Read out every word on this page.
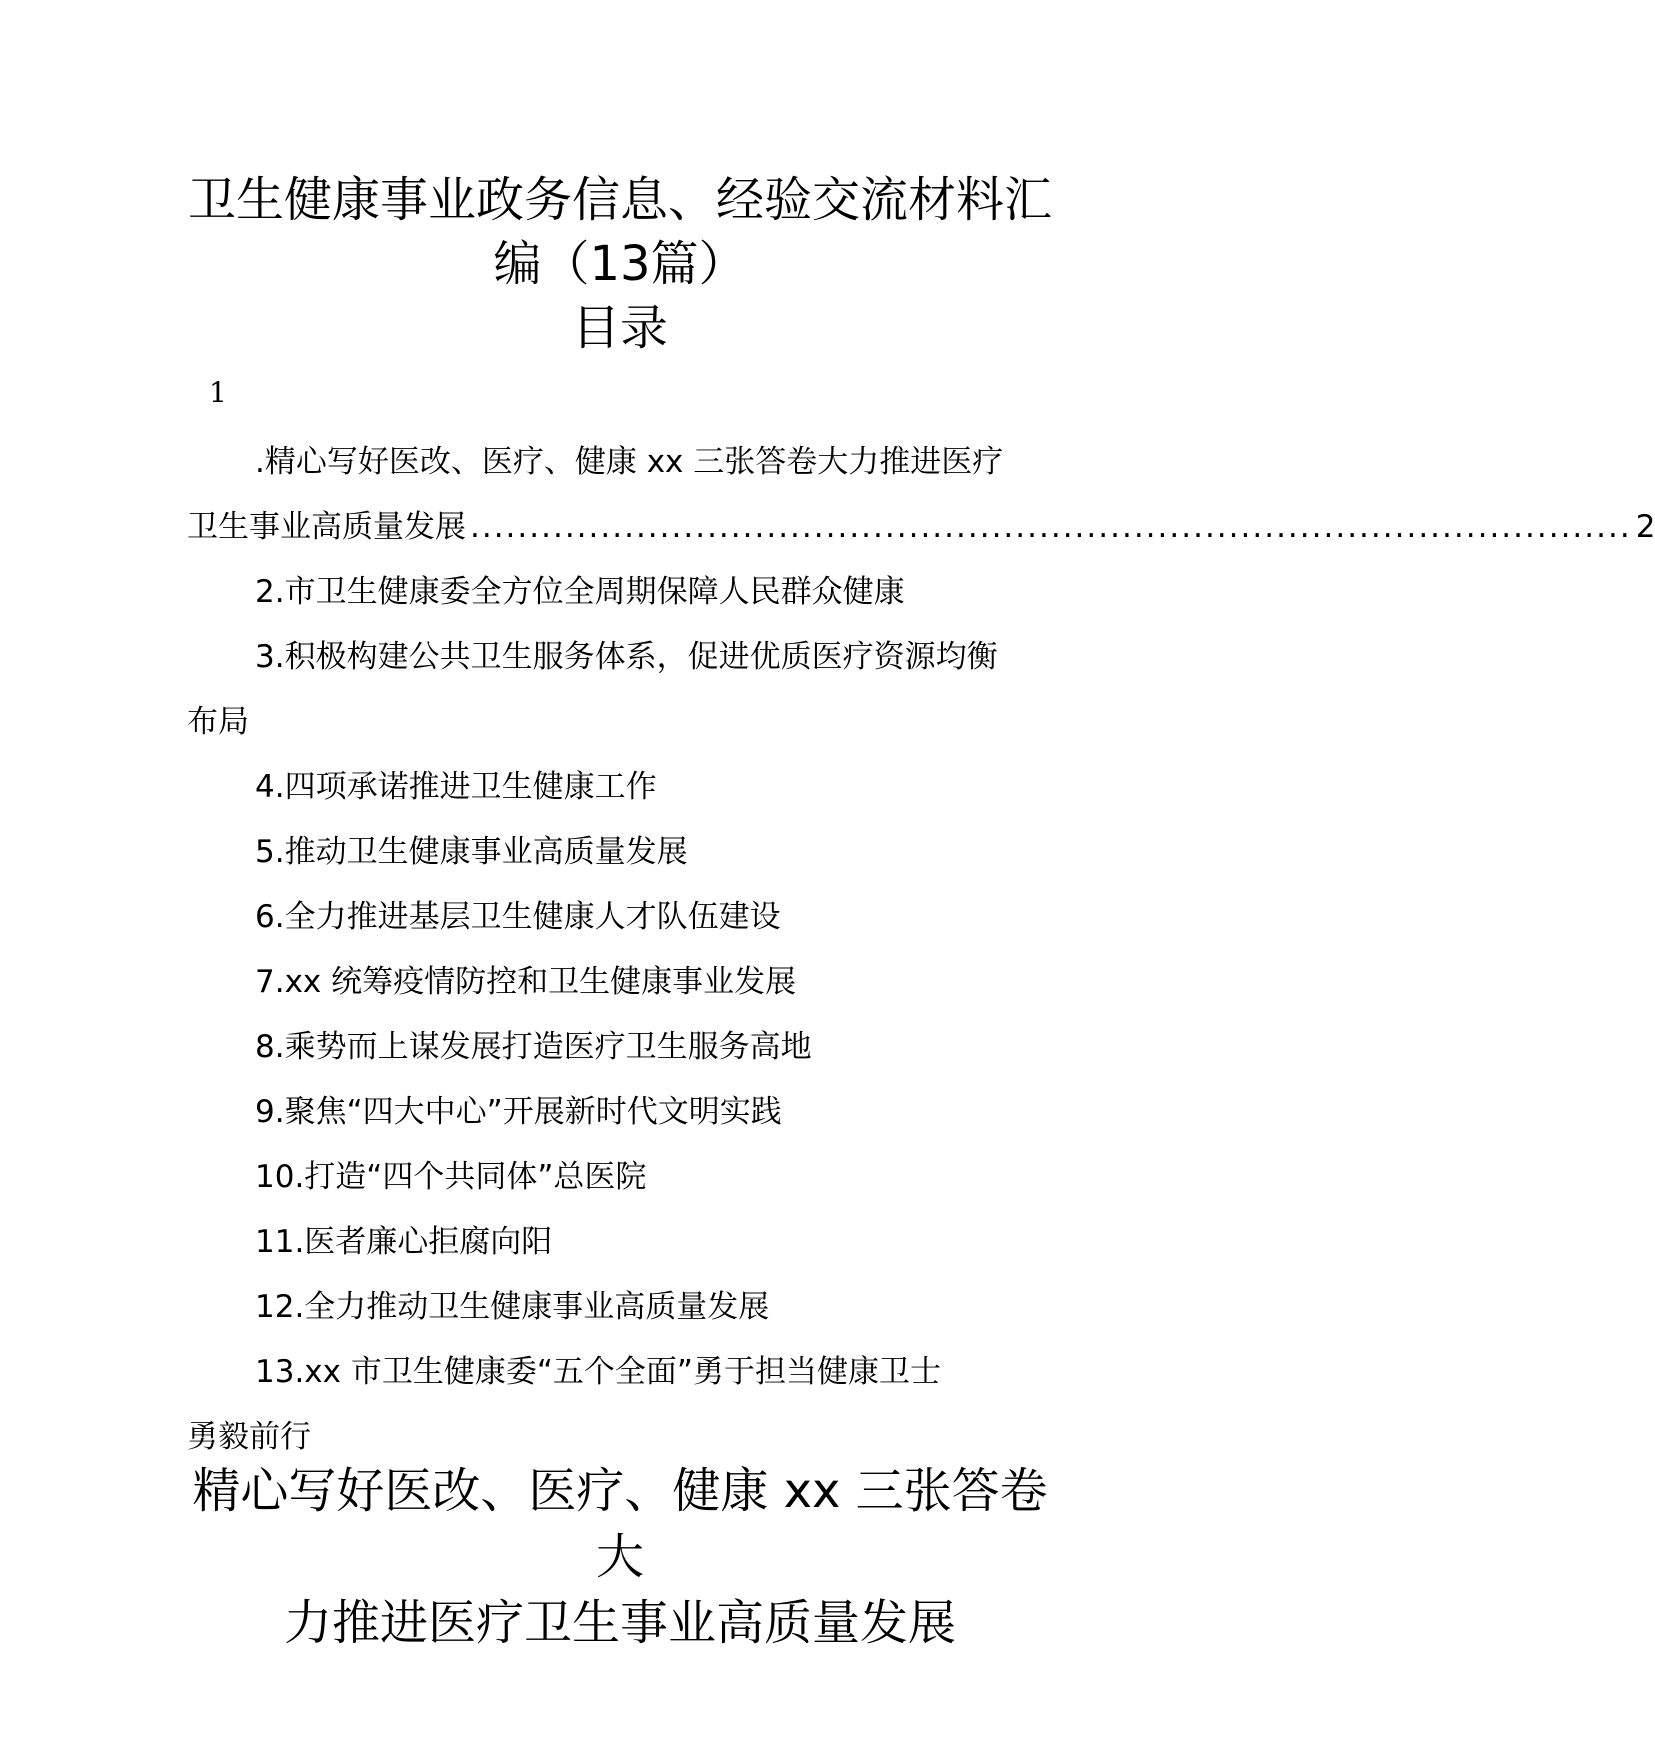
卫生健康事业政务信息、经验交流材料汇
编（13篇）
目录
1
.精心写好医改、医疗、健康 xx 三张答卷大力推进医疗
卫生事业高质量发展 .................................................................................................. 2
2.市卫生健康委全方位全周期保障人民群众健康
3.积极构建公共卫生服务体系，促进优质医疗资源均衡
布局
4.四项承诺推进卫生健康工作
5.推动卫生健康事业高质量发展
6.全力推进基层卫生健康人才队伍建设
7.xx 统筹疫情防控和卫生健康事业发展
8.乘势而上谋发展打造医疗卫生服务高地
9.聚焦“四大中心”开展新时代文明实践
10.打造“四个共同体”总医院
11.医者廉心拒腐向阳
12.全力推动卫生健康事业高质量发展
13.xx 市卫生健康委“五个全面”勇于担当健康卫士
勇毅前行
精心写好医改、医疗、健康 xx 三张答卷大
力推进医疗卫生事业高质量发展
